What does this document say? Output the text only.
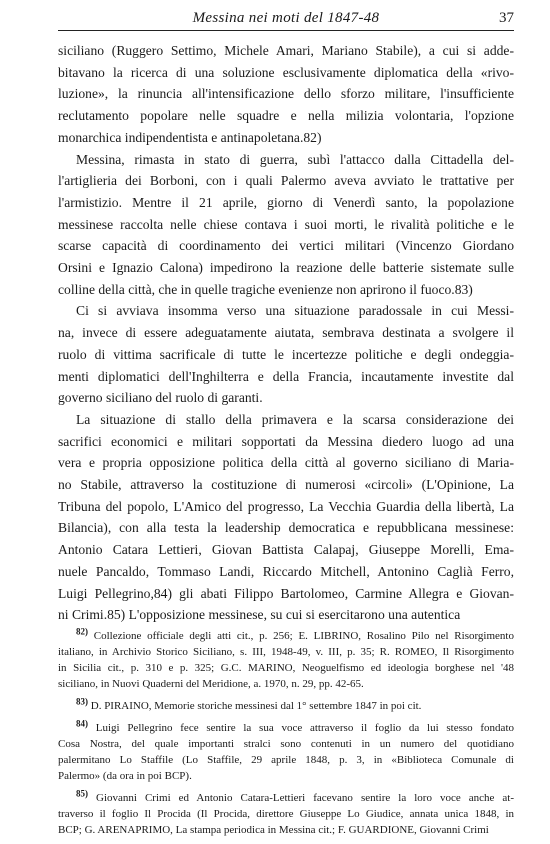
Messina nei moti del 1847-48	37

siciliano (Ruggero Settimo, Michele Amari, Mariano Stabile), a cui si adde-
bitavano la ricerca di una soluzione esclusivamente diplomatica della «rivo-
luzione», la rinuncia all'intensificazione dello sforzo militare, l'insufficiente
reclutamento popolare nelle squadre e nella milizia volontaria, l'opzione
monarchica indipendentista e antinapoletana.82)

Messina, rimasta in stato di guerra, subì l'attacco dalla Cittadella del-
l'artiglieria dei Borboni, con i quali Palermo aveva avviato le trattative per
l'armistizio. Mentre il 21 aprile, giorno di Venerdì santo, la popolazione
messinese raccolta nelle chiese contava i suoi morti, le rivalità politiche e le
scarse capacità di coordinamento dei vertici militari (Vincenzo Giordano
Orsini e Ignazio Calona) impedirono la reazione delle batterie sistemate sulle
colline della città, che in quelle tragiche evenienze non aprirono il fuoco.83)

Ci si avviava insomma verso una situazione paradossale in cui Messi-
na, invece di essere adeguatamente aiutata, sembrava destinata a svolgere il
ruolo di vittima sacrificale di tutte le incertezze politiche e degli ondeggia-
menti diplomatici dell'Inghilterra e della Francia, incautamente investite dal
governo siciliano del ruolo di garanti.

La situazione di stallo della primavera e la scarsa considerazione dei
sacrifici economici e militari sopportati da Messina diedero luogo ad una
vera e propria opposizione politica della città al governo siciliano di Maria-
no Stabile, attraverso la costituzione di numerosi «circoli» (L'Opinione, La
Tribuna del popolo, L'Amico del progresso, La Vecchia Guardia della libertà, La
Bilancia), con alla testa la leadership democratica e repubblicana messinese:
Antonio Catara Lettieri, Giovan Battista Calapaj, Giuseppe Morelli, Ema-
nuele Pancaldo, Tommaso Landi, Riccardo Mitchell, Antonino Caglià Ferro,
Luigi Pellegrino,84) gli abati Filippo Bartolomeo, Carmine Allegra e Giovan-
ni Crimi.85) L'opposizione messinese, su cui si esercitarono una autentica

$^{82)}$ Collezione officiale degli atti cit., p. 256; E. LIBRINO, Rosalino Pilo nel Risorgimento
italiano, in Archivio Storico Siciliano, s. III, 1948-49, v. III, p. 35; R. ROMEO, Il Risorgimento
in Sicilia cit., p. 310 e p. 325; G.C. MARINO, Neoguelfismo ed ideologia borghese nel '48
siciliano, in Nuovi Quaderni del Meridione, a. 1970, n. 29, pp. 42-65.
$^{83)}$ D. PIRAINO, Memorie storiche messinesi dal 1° settembre 1847 in poi cit.
$^{84)}$ Luigi Pellegrino fece sentire la sua voce attraverso il foglio da lui stesso fondato
Cosa Nostra, del quale importanti stralci sono contenuti in un numero del quotidiano
palermitano Lo Staffile (Lo Staffile, 29 aprile 1848, p. 3, in «Biblioteca Comunale di
Palermo» (da ora in poi BCP).
$^{85)}$ Giovanni Crimi ed Antonio Catara-Lettieri facevano sentire la loro voce anche at-
traverso il foglio Il Procida (Il Procida, direttore Giuseppe Lo Giudice, annata unica 1848, in
BCP; G. ARENAPRIMO, La stampa periodica in Messina cit.; F. GUARDIONE, Giovanni Crimi
